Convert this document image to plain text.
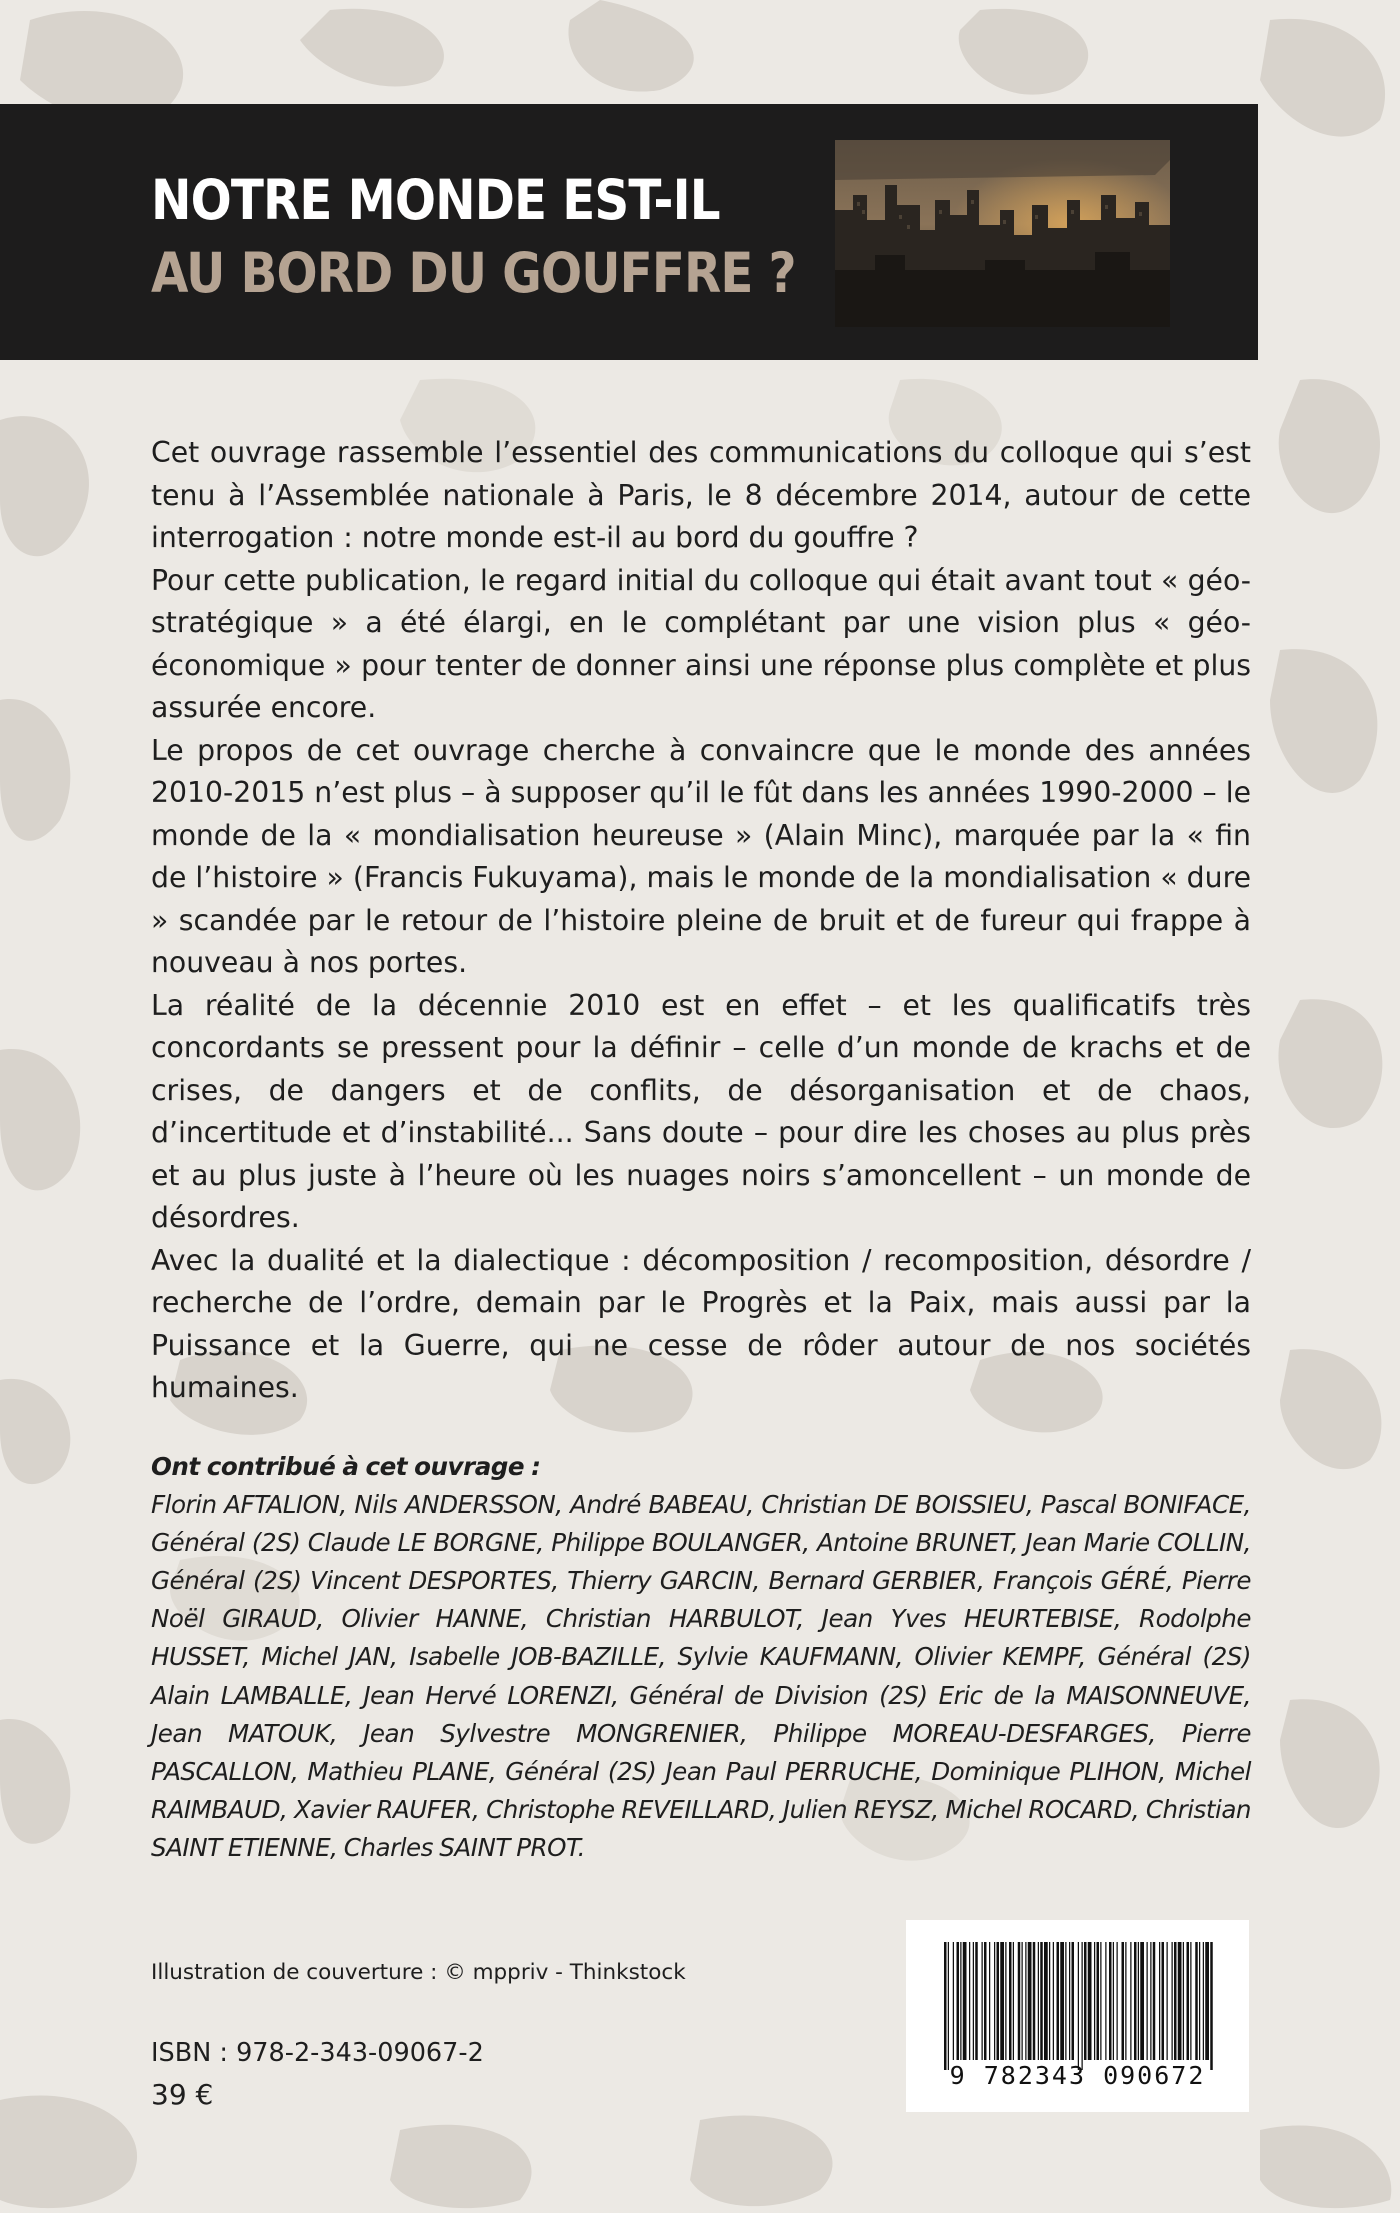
NOTRE MONDE EST-IL
AU BORD DU GOUFFRE ?

Cet ouvrage rassemble l’essentiel des communications du colloque qui s’est tenu à l’Assemblée nationale à Paris, le 8 décembre 2014, autour de cette interrogation : notre monde est-il au bord du gouffre ?

Pour cette publication, le regard initial du colloque qui était avant tout « géo-stratégique » a été élargi, en le complétant par une vision plus « géo-économique » pour tenter de donner ainsi une réponse plus complète et plus assurée encore.

Le propos de cet ouvrage cherche à convaincre que le monde des années 2010-2015 n’est plus – à supposer qu’il le fût dans les années 1990-2000 – le monde de la « mondialisation heureuse » (Alain Minc), marquée par la « fin de l’histoire » (Francis Fukuyama), mais le monde de la mondialisation « dure » scandée par le retour de l’histoire pleine de bruit et de fureur qui frappe à nouveau à nos portes.

La réalité de la décennie 2010 est en effet – et les qualificatifs très concordants se pressent pour la définir – celle d’un monde de krachs et de crises, de dangers et de conflits, de désorganisation et de chaos, d’incertitude et d’instabilité... Sans doute – pour dire les choses au plus près et au plus juste à l’heure où les nuages noirs s’amoncellent – un monde de désordres.

Avec la dualité et la dialectique : décomposition / recomposition, désordre / recherche de l’ordre, demain par le Progrès et la Paix, mais aussi par la Puissance et la Guerre, qui ne cesse de rôder autour de nos sociétés humaines.

Ont contribué à cet ouvrage :
Florin AFTALION, Nils ANDERSSON, André BABEAU, Christian DE BOISSIEU, Pascal BONIFACE, Général (2S) Claude LE BORGNE, Philippe BOULANGER, Antoine BRUNET, Jean Marie COLLIN, Général (2S) Vincent DESPORTES, Thierry GARCIN, Bernard GERBIER, François GÉRÉ, Pierre Noël GIRAUD, Olivier HANNE, Christian HARBULOT, Jean Yves HEURTEBISE, Rodolphe HUSSET, Michel JAN, Isabelle JOB-BAZILLE, Sylvie KAUFMANN, Olivier KEMPF, Général (2S) Alain LAMBALLE, Jean Hervé LORENZI, Général de Division (2S) Eric de la MAISONNEUVE, Jean MATOUK, Jean Sylvestre MONGRENIER, Philippe MOREAU-DESFARGES, Pierre PASCALLON, Mathieu PLANE, Général (2S) Jean Paul PERRUCHE, Dominique PLIHON, Michel RAIMBAUD, Xavier RAUFER, Christophe REVEILLARD, Julien REYSZ, Michel ROCARD, Christian SAINT ETIENNE, Charles SAINT PROT.
Illustration de couverture : © mppriv - Thinkstock
ISBN : 978-2-343-09067-2
39 €
9 782343 090672
